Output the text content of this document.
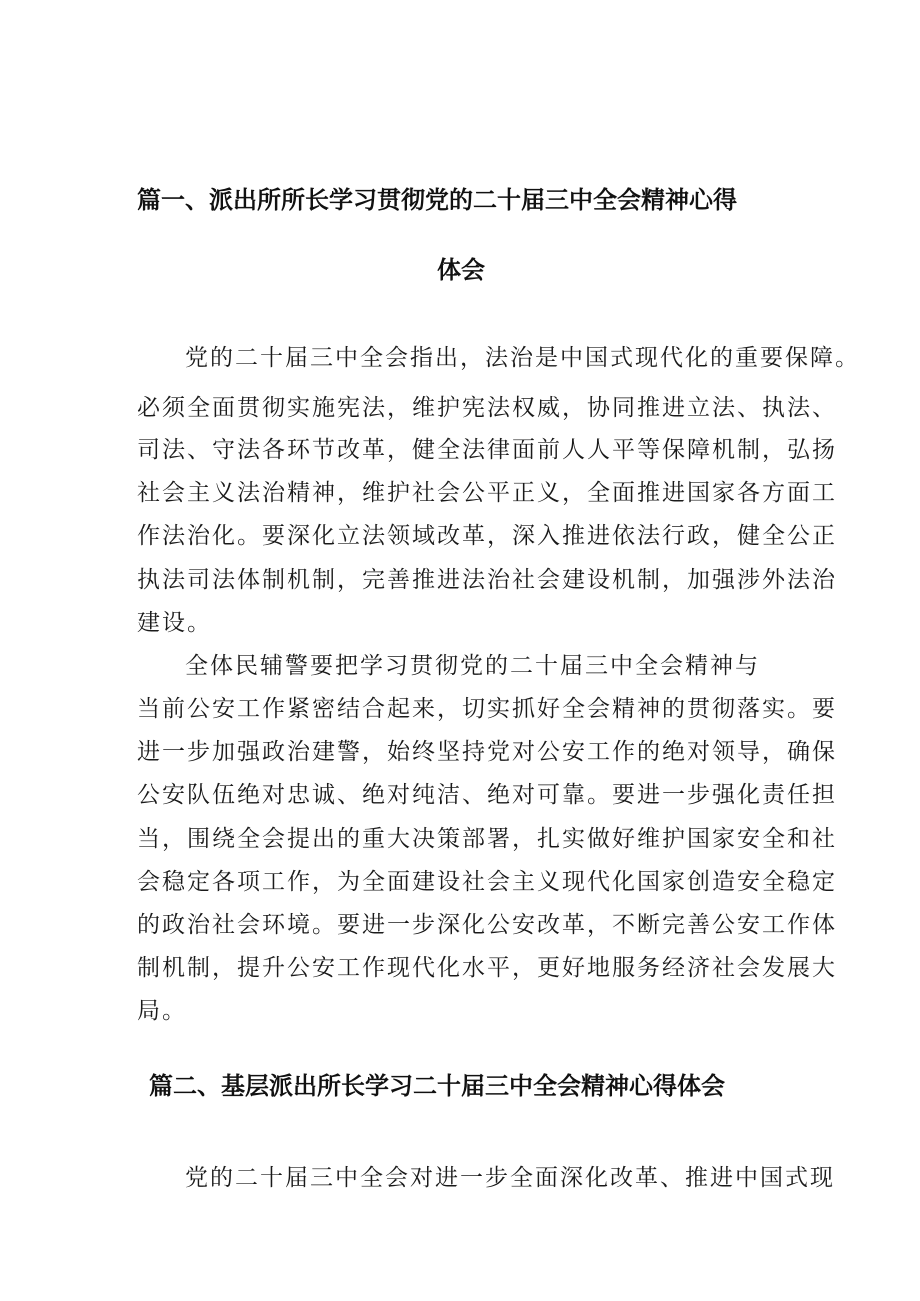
篇一、派出所所长学习贯彻党的二十届三中全会精神心得
体会
党的二十届三中全会指出，法治是中国式现代化的重要保障。
必须全面贯彻实施宪法，维护宪法权威，协同推进立法、执法、
司法、守法各环节改革，健全法律面前人人平等保障机制，弘扬
社会主义法治精神，维护社会公平正义，全面推进国家各方面工
作法治化。要深化立法领域改革，深入推进依法行政，健全公正
执法司法体制机制，完善推进法治社会建设机制，加强涉外法治
建设。
全体民辅警要把学习贯彻党的二十届三中全会精神与
当前公安工作紧密结合起来，切实抓好全会精神的贯彻落实。要
进一步加强政治建警，始终坚持党对公安工作的绝对领导，确保
公安队伍绝对忠诚、绝对纯洁、绝对可靠。要进一步强化责任担
当，围绕全会提出的重大决策部署，扎实做好维护国家安全和社
会稳定各项工作，为全面建设社会主义现代化国家创造安全稳定
的政治社会环境。要进一步深化公安改革，不断完善公安工作体
制机制，提升公安工作现代化水平，更好地服务经济社会发展大
局。
篇二、基层派出所长学习二十届三中全会精神心得体会
党的二十届三中全会对进一步全面深化改革、推进中国式现
